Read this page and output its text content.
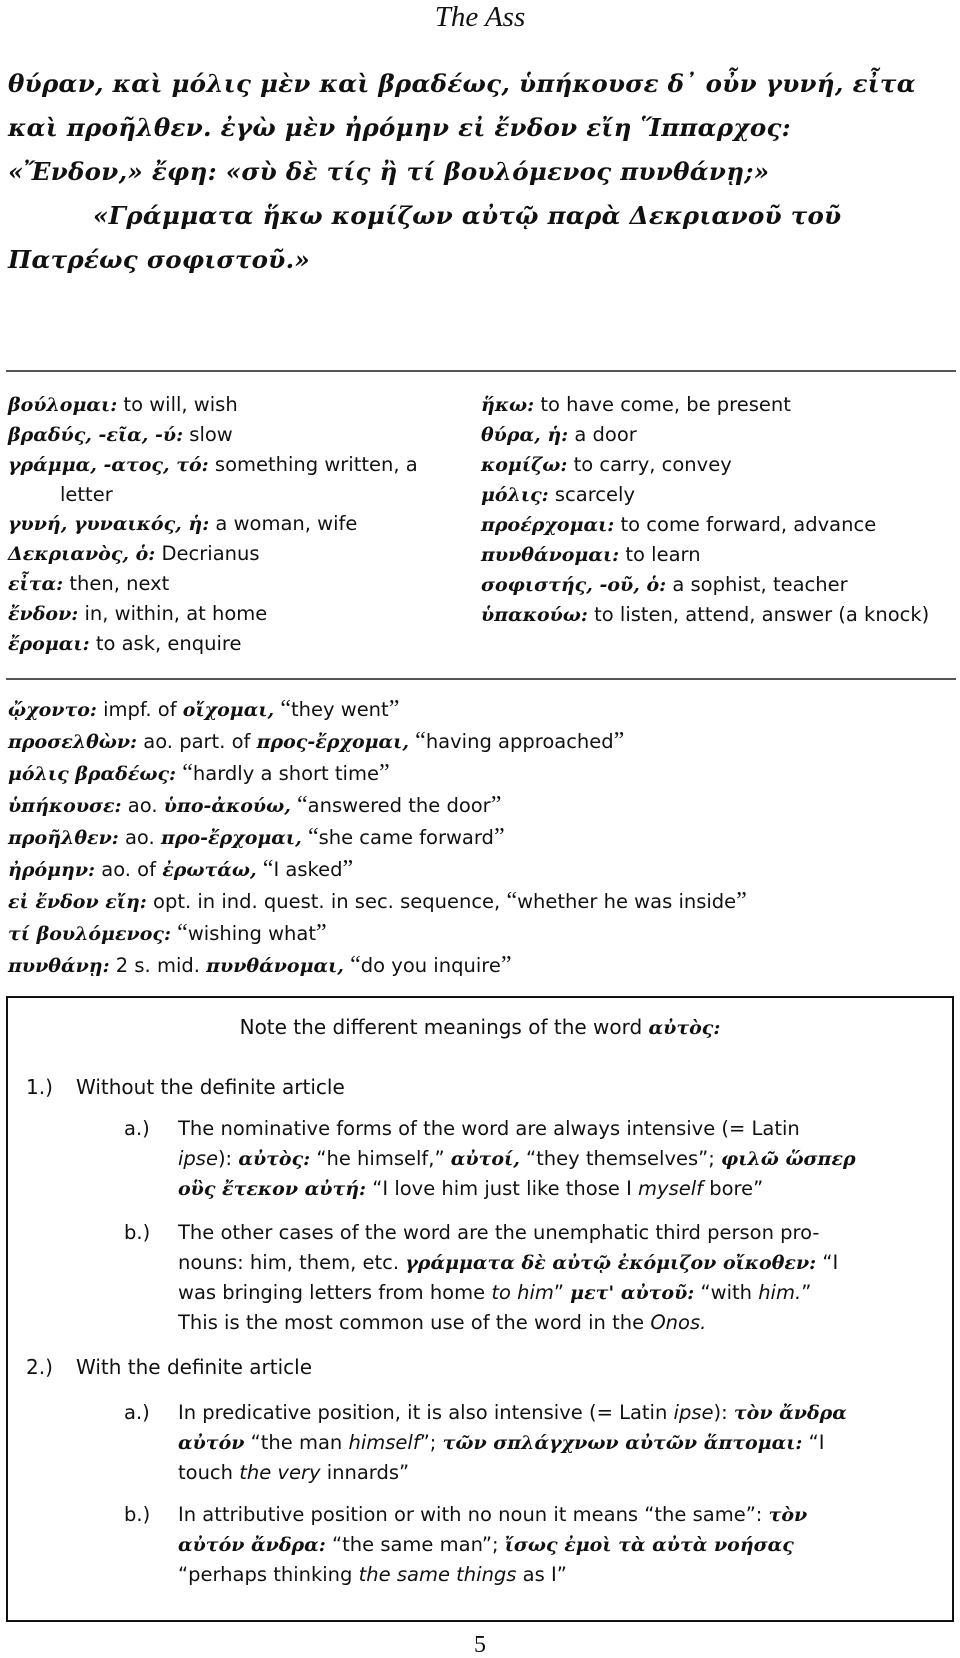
The Ass
θύραν, καὶ μόλις μὲν καὶ βραδέως, ὑπήκουσε δ᾽ οὖν γυνή, εἶτα
καὶ προῆλθεν. ἐγὼ μὲν ἠρόμην εἰ ἔνδον εἴη Ἵππαρχος:
«Ἔνδον,» ἔφη: «σὺ δὲ τίς ἢ τί βουλόμενος πυνθάνῃ;»
«Γράμματα ἥκω κομίζων αὐτῷ παρὰ Δεκριανοῦ τοῦ
Πατρέως σοφιστοῦ.»
βούλομαι: to will, wish
βραδύς, -εῖα, -ύ: slow
γράμμα, -ατος, τό: something written, a letter
γυνή, γυναικός, ἡ: a woman, wife
Δεκριανὸς, ὁ: Decrianus
εἶτα: then, next
ἔνδον: in, within, at home
ἔρομαι: to ask, enquire
ἥκω: to have come, be present
θύρα, ἡ: a door
κομίζω: to carry, convey
μόλις: scarcely
προέρχομαι: to come forward, advance
πυνθάνομαι: to learn
σοφιστής, -οῦ, ὁ: a sophist, teacher
ὑπακούω: to listen, attend, answer (a knock)
ᾤχοντο: impf. of οἴχομαι, “they went”
προσελθὼν: ao. part. of προς-ἔρχομαι, “having approached”
μόλις βραδέως: “hardly a short time”
ὑπήκουσε: ao. ὑπο-ἀκούω, “answered the door”
προῆλθεν: ao. προ-ἔρχομαι, “she came forward”
ἠρόμην: ao. of ἐρωτάω, “I asked”
εἰ ἔνδον εἴη: opt. in ind. quest. in sec. sequence, “whether he was inside”
τί βουλόμενος: “wishing what”
πυνθάνῃ: 2 s. mid. πυνθάνομαι, “do you inquire”
Note the different meanings of the word αὐτὸς:
1.) Without the definite article
a.) The nominative forms of the word are always intensive (= Latin
ipse): αὐτὸς: “he himself,” αὐτοί, “they themselves”; φιλῶ ὥσπερ
οὓς ἔτεκον αὐτή: “I love him just like those I myself bore”
b.) The other cases of the word are the unemphatic third person pro-
nouns: him, them, etc. γράμματα δὲ αὐτῷ ἐκόμιζον οἴκοθεν: “I
was bringing letters from home to him” μετ' αὐτοῦ: “with him.”
This is the most common use of the word in the Onos.
2.) With the definite article
a.) In predicative position, it is also intensive (= Latin ipse): τὸν ἄνδρα
αὐτόν “the man himself”; τῶν σπλάγχνων αὐτῶν ἅπτομαι: “I
touch the very innards”
b.) In attributive position or with no noun it means “the same”: τὸν
αὐτόν ἄνδρα: “the same man”; ἴσως ἐμοὶ τὰ αὐτὰ νοήσας
“perhaps thinking the same things as I”
5
